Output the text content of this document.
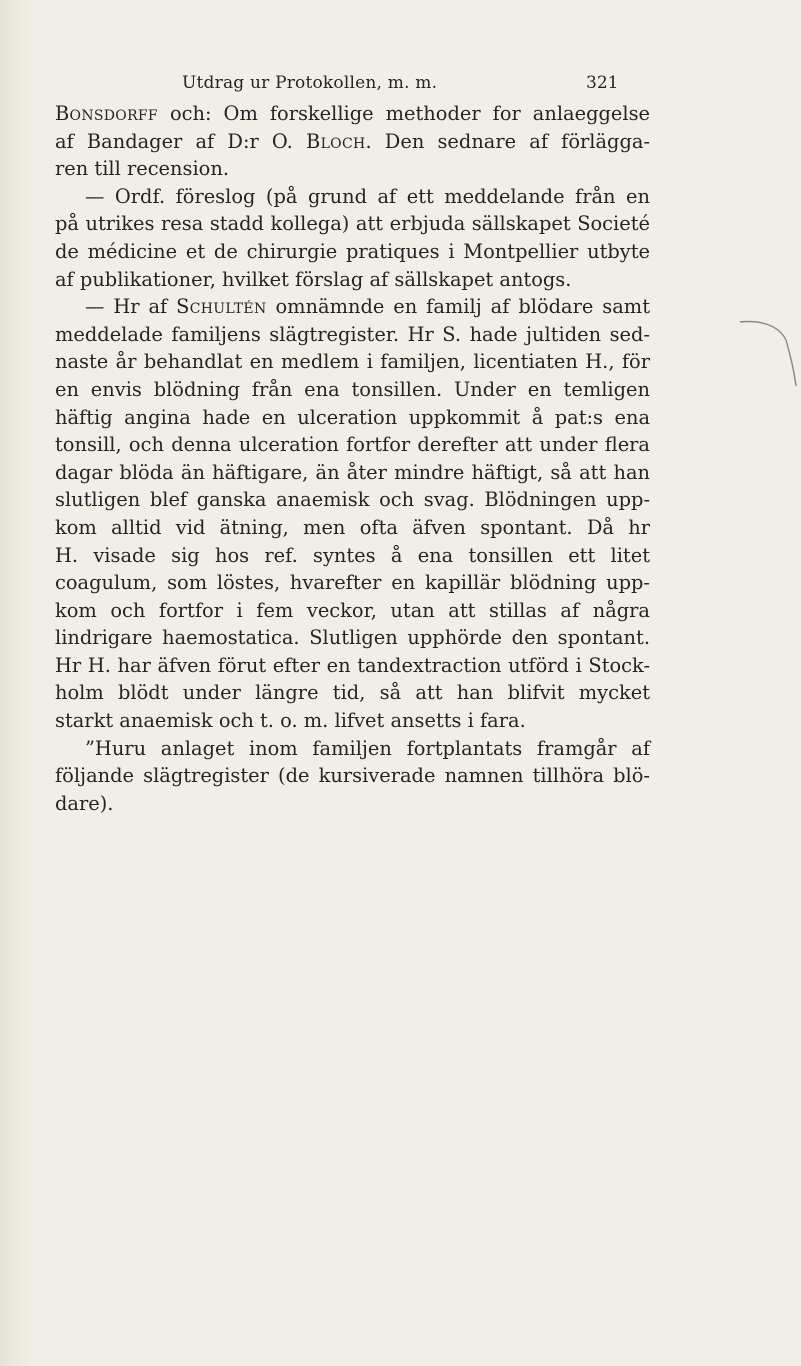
Utdrag ur Protokollen, m. m.	321
Bonsdorff och: Om forskellige methoder for anlaeggelse
af Bandager af D:r O. Bloch. Den sednare af förlägga-
ren till recension.
— Ordf. föreslog (på grund af ett meddelande från en
på utrikes resa stadd kollega) att erbjuda sällskapet Societé
de médicine et de chirurgie pratiques i Montpellier utbyte
af publikationer, hvilket förslag af sällskapet antogs.
— Hr af Schultén omnämnde en familj af blödare samt
meddelade familjens slägtregister. Hr S. hade jultiden sed-
naste år behandlat en medlem i familjen, licentiaten H., för
en envis blödning från ena tonsillen. Under en temligen
häftig angina hade en ulceration uppkommit å pat:s ena
tonsill, och denna ulceration fortfor derefter att under flera
dagar blöda än häftigare, än åter mindre häftigt, så att han
slutligen blef ganska anaemisk och svag. Blödningen upp-
kom alltid vid ätning, men ofta äfven spontant. Då hr
H. visade sig hos ref. syntes å ena tonsillen ett litet
coagulum, som löstes, hvarefter en kapillär blödning upp-
kom och fortfor i fem veckor, utan att stillas af några
lindrigare haemostatica. Slutligen upphörde den spontant.
Hr H. har äfven förut efter en tandextraction utförd i Stock-
holm blödt under längre tid, så att han blifvit mycket
starkt anaemisk och t. o. m. lifvet ansetts i fara.
”Huru anlaget inom familjen fortplantats framgår af
följande slägtregister (de kursiverade namnen tillhöra blö-
dare).
